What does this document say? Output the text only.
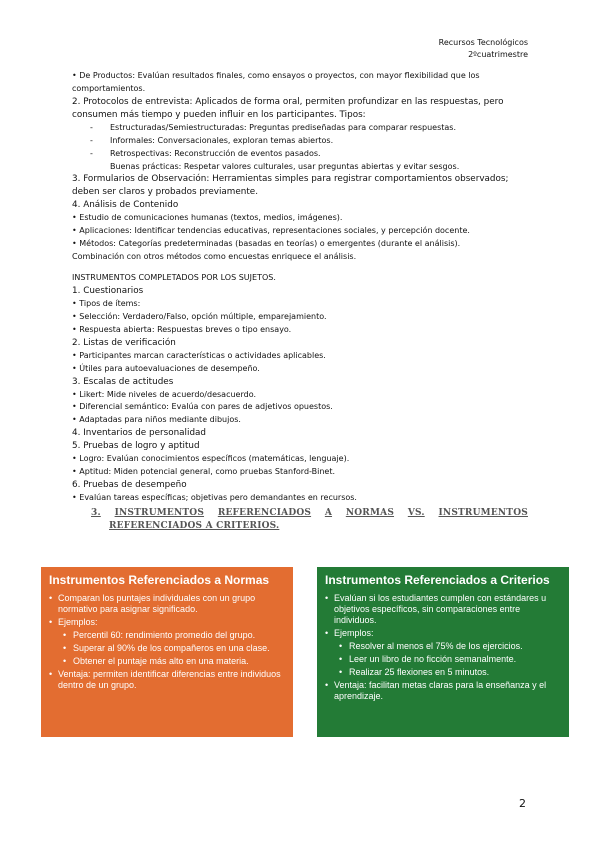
Recursos Tecnológicos
2ºcuatrimestre

• De Productos: Evalúan resultados finales, como ensayos o proyectos, con mayor flexibilidad que los comportamientos.

2. Protocolos de entrevista: Aplicados de forma oral, permiten profundizar en las respuestas, pero consumen más tiempo y pueden influir en los participantes. Tipos:

- Estructuradas/Semiestructuradas: Preguntas prediseñadas para comparar respuestas.

- Informales: Conversacionales, exploran temas abiertos.

- Retrospectivas: Reconstrucción de eventos pasados.

Buenas prácticas: Respetar valores culturales, usar preguntas abiertas y evitar sesgos.

3. Formularios de Observación: Herramientas simples para registrar comportamientos observados; deben ser claros y probados previamente.

4. Análisis de Contenido

• Estudio de comunicaciones humanas (textos, medios, imágenes).

• Aplicaciones: Identificar tendencias educativas, representaciones sociales, y percepción docente.

• Métodos: Categorías predeterminadas (basadas en teorías) o emergentes (durante el análisis).

Combinación con otros métodos como encuestas enriquece el análisis.

INSTRUMENTOS COMPLETADOS POR LOS SUJETOS.

1. Cuestionarios

• Tipos de ítems:

• Selección: Verdadero/Falso, opción múltiple, emparejamiento.

• Respuesta abierta: Respuestas breves o tipo ensayo.

2. Listas de verificación

• Participantes marcan características o actividades aplicables.

• Útiles para autoevaluaciones de desempeño.

3. Escalas de actitudes

• Likert: Mide niveles de acuerdo/desacuerdo.

• Diferencial semántico: Evalúa con pares de adjetivos opuestos.

• Adaptadas para niños mediante dibujos.

4. Inventarios de personalidad

5. Pruebas de logro y aptitud

• Logro: Evalúan conocimientos específicos (matemáticas, lenguaje).

• Aptitud: Miden potencial general, como pruebas Stanford-Binet.

6. Pruebas de desempeño

• Evalúan tareas específicas; objetivas pero demandantes en recursos.

3. INSTRUMENTOS REFERENCIADOS A NORMAS VS. INSTRUMENTOS
REFERENCIADOS A CRITERIOS.
Instrumentos Referenciados a Normas
• Comparan los puntajes individuales con un grupo normativo para asignar significado.
• Ejemplos:
• Percentil 60: rendimiento promedio del grupo.
• Superar al 90% de los compañeros en una clase.
• Obtener el puntaje más alto en una materia.
• Ventaja: permiten identificar diferencias entre individuos dentro de un grupo.
Instrumentos Referenciados a Criterios
• Evalúan si los estudiantes cumplen con estándares u objetivos específicos, sin comparaciones entre individuos.
• Ejemplos:
• Resolver al menos el 75% de los ejercicios.
• Leer un libro de no ficción semanalmente.
• Realizar 25 flexiones en 5 minutos.
• Ventaja: facilitan metas claras para la enseñanza y el aprendizaje.
2
